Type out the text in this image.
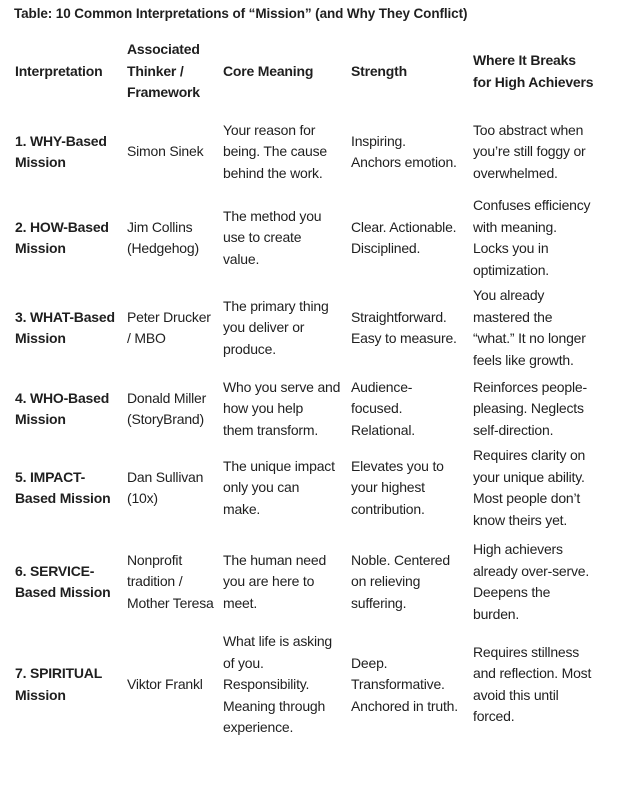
Table: 10 Common Interpretations of “Mission” (and Why They Conflict)
Interpretation	Associated
Thinker /
Framework	Core Meaning	Strength	Where It Breaks
for High Achievers

1. WHY-Based
Mission	Simon Sinek	Your reason for
being. The cause
behind the work.	Inspiring.
Anchors emotion.	Too abstract when
you’re still foggy or
overwhelmed.

2. HOW-Based
Mission	Jim Collins
(Hedgehog)	The method you
use to create
value.	Clear. Actionable.
Disciplined.	Confuses efficiency
with meaning.
Locks you in
optimization.

3. WHAT-Based
Mission	Peter Drucker
/ MBO	The primary thing
you deliver or
produce.	Straightforward.
Easy to measure.	You already
mastered the
“what.” It no longer
feels like growth.

4. WHO-Based
Mission	Donald Miller
(StoryBrand)	Who you serve and
how you help
them transform.	Audience-
focused.
Relational.	Reinforces people-
pleasing. Neglects
self-direction.

5. IMPACT-
Based Mission	Dan Sullivan
(10x)	The unique impact
only you can
make.	Elevates you to
your highest
contribution.	Requires clarity on
your unique ability.
Most people don’t
know theirs yet.

6. SERVICE-
Based Mission	Nonprofit
tradition /
Mother Teresa	The human need
you are here to
meet.	Noble. Centered
on relieving
suffering.	High achievers
already over-serve.
Deepens the
burden.

7. SPIRITUAL
Mission	Viktor Frankl	What life is asking
of you.
Responsibility.
Meaning through
experience.	Deep.
Transformative.
Anchored in truth.	Requires stillness
and reflection. Most
avoid this until
forced.
